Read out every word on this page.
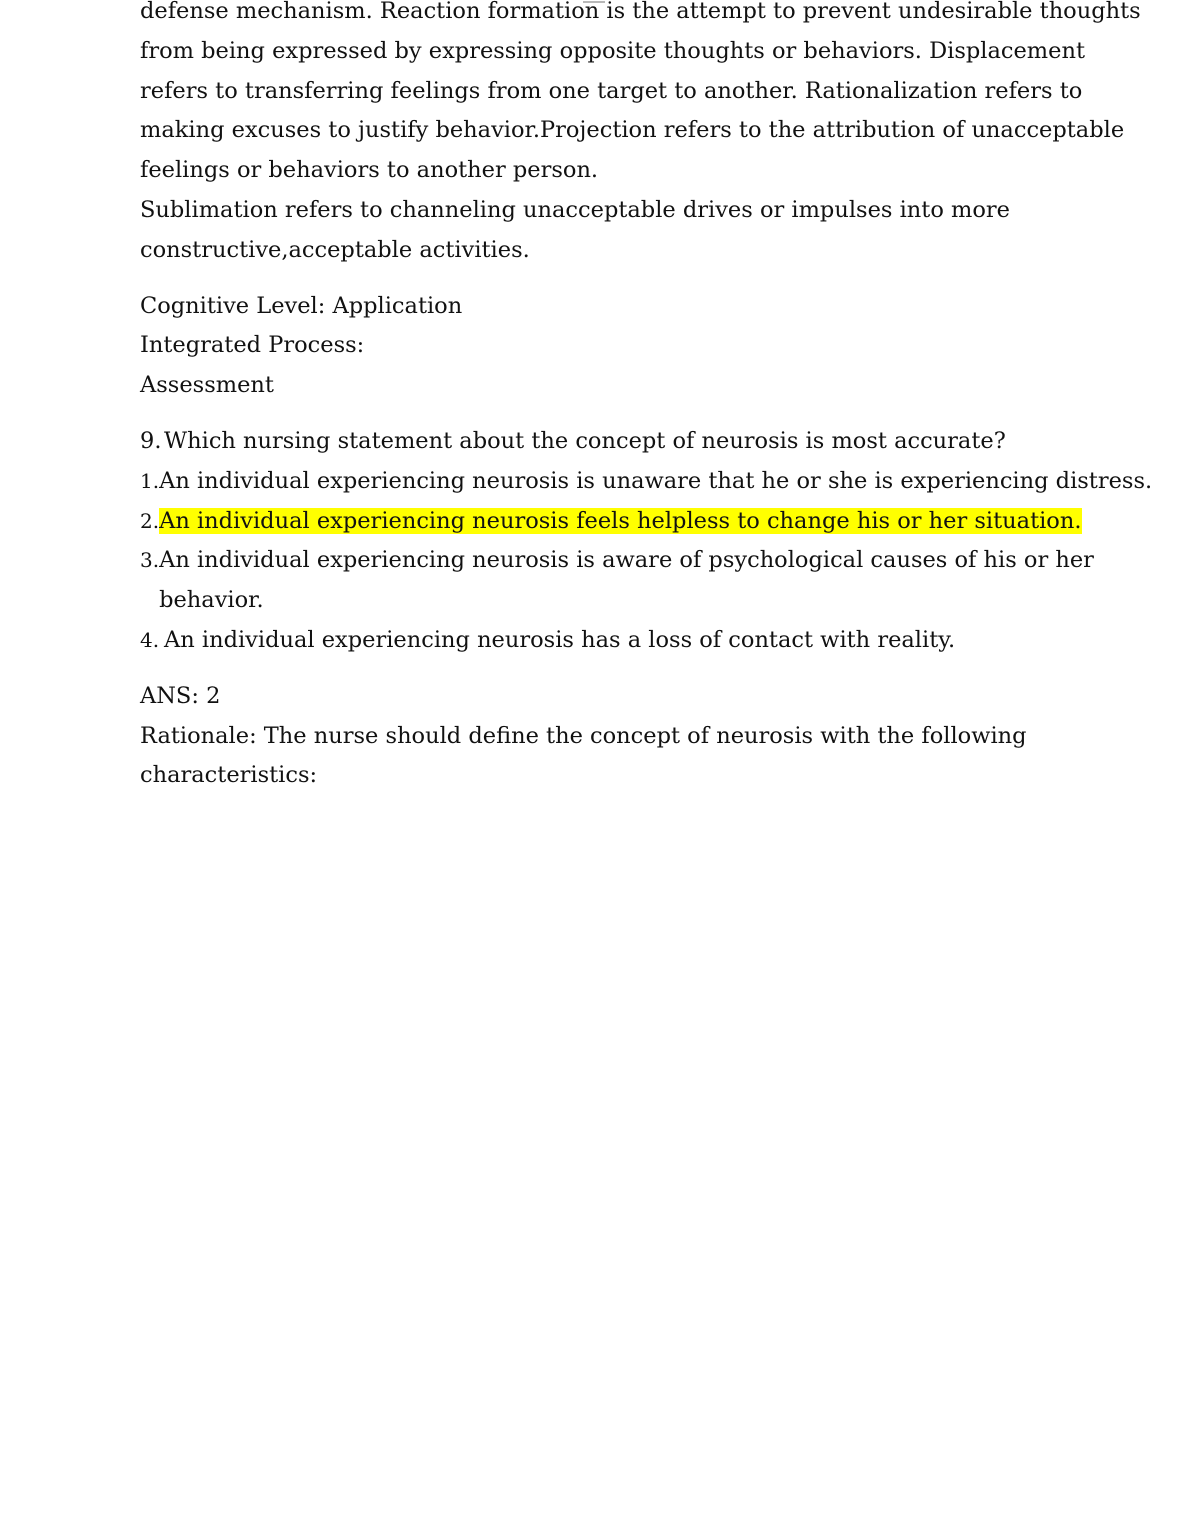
defense mechanism. Reaction formation is the attempt to prevent undesirable thoughts
from being expressed by expressing opposite thoughts or behaviors. Displacement
refers to transferring feelings from one target to another. Rationalization refers to
making excuses to justify behavior.Projection refers to the attribution of unacceptable
feelings or behaviors to another person.
Sublimation refers to channeling unacceptable drives or impulses into more
constructive,acceptable activities.
Cognitive Level: Application
Integrated Process:
Assessment
9. Which nursing statement about the concept of neurosis is most accurate?
1. An individual experiencing neurosis is unaware that he or she is experiencing distress.
2. An individual experiencing neurosis feels helpless to change his or her situation.
3. An individual experiencing neurosis is aware of psychological causes of his or her
behavior.
4. An individual experiencing neurosis has a loss of contact with reality.
ANS: 2
Rationale: The nurse should define the concept of neurosis with the following
characteristics:
